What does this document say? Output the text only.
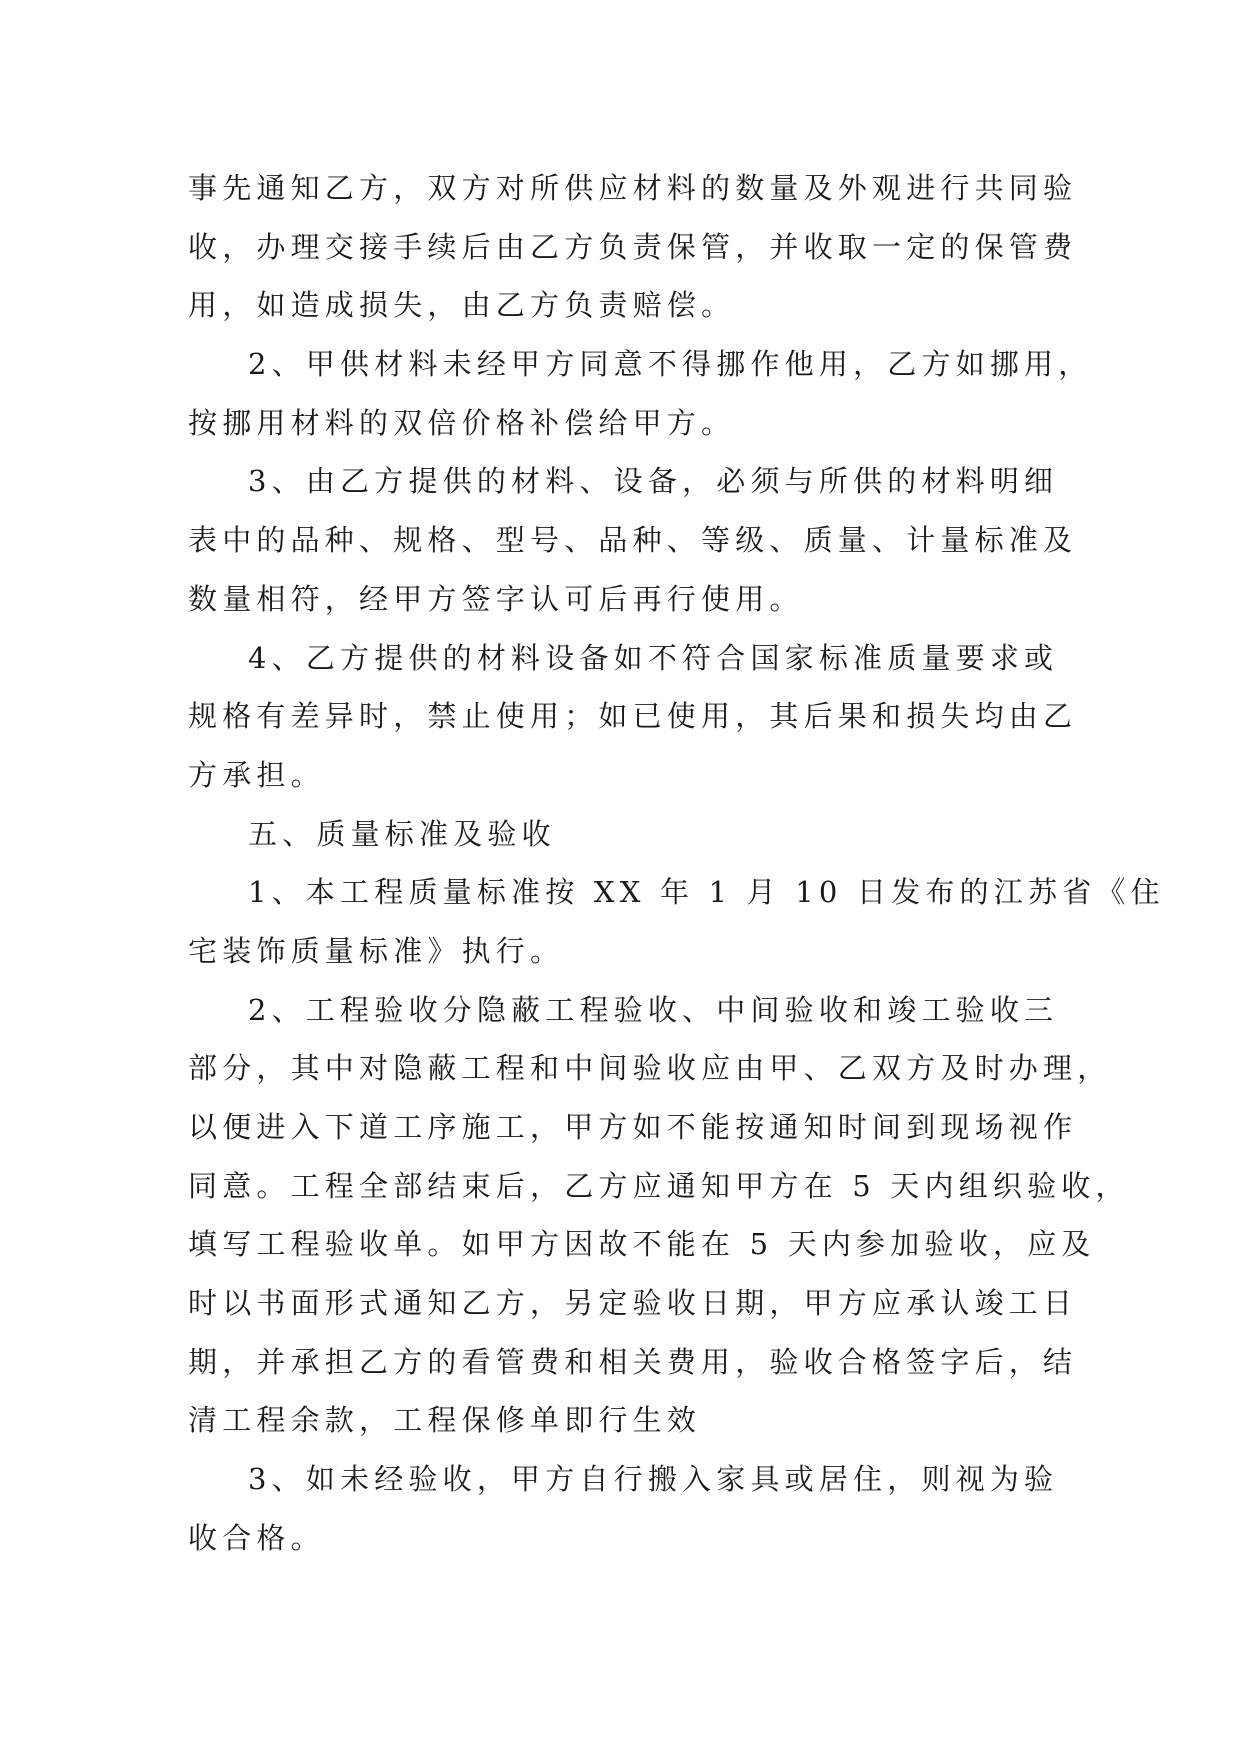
事先通知乙方，双方对所供应材料的数量及外观进行共同验
收，办理交接手续后由乙方负责保管，并收取一定的保管费
用，如造成损失，由乙方负责赔偿。
2、甲供材料未经甲方同意不得挪作他用，乙方如挪用，
按挪用材料的双倍价格补偿给甲方。
3、由乙方提供的材料、设备，必须与所供的材料明细
表中的品种、规格、型号、品种、等级、质量、计量标准及
数量相符，经甲方签字认可后再行使用。
4、乙方提供的材料设备如不符合国家标准质量要求或
规格有差异时，禁止使用；如已使用，其后果和损失均由乙
方承担。
五、质量标准及验收
1、本工程质量标准按 XX 年 1 月 10 日发布的江苏省《住
宅装饰质量标准》执行。
2、工程验收分隐蔽工程验收、中间验收和竣工验收三
部分，其中对隐蔽工程和中间验收应由甲、乙双方及时办理，
以便进入下道工序施工，甲方如不能按通知时间到现场视作
同意。工程全部结束后，乙方应通知甲方在 5 天内组织验收，
填写工程验收单。如甲方因故不能在 5 天内参加验收，应及
时以书面形式通知乙方，另定验收日期，甲方应承认竣工日
期，并承担乙方的看管费和相关费用，验收合格签字后，结
清工程余款，工程保修单即行生效
3、如未经验收，甲方自行搬入家具或居住，则视为验
收合格。
